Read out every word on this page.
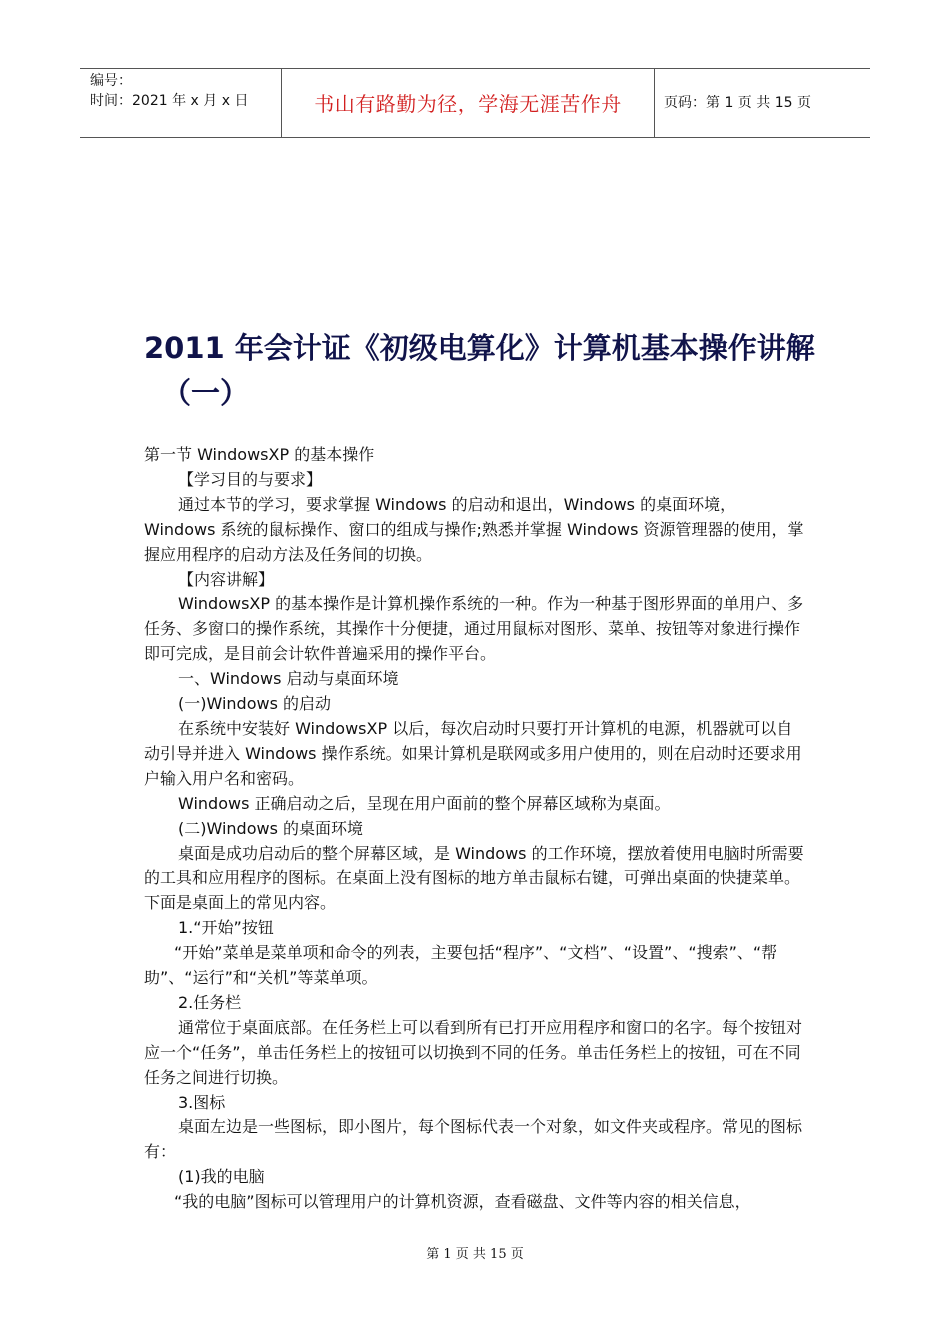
编号：
时间：2021 年 x 月 x 日	书山有路勤为径，学海无涯苦作舟	页码：第 1 页 共 15 页
2011 年会计证《初级电算化》计算机基本操作讲解
（一）

第一节 WindowsXP 的基本操作

【学习目的与要求】

通过本节的学习，要求掌握 Windows 的启动和退出，Windows 的桌面环境，Windows 系统的鼠标操作、窗口的组成与操作;熟悉并掌握 Windows 资源管理器的使用，掌握应用程序的启动方法及任务间的切换。

【内容讲解】

WindowsXP 的基本操作是计算机操作系统的一种。作为一种基于图形界面的单用户、多任务、多窗口的操作系统，其操作十分便捷，通过用鼠标对图形、菜单、按钮等对象进行操作即可完成，是目前会计软件普遍采用的操作平台。

一、Windows 启动与桌面环境

(一)Windows 的启动

在系统中安装好 WindowsXP 以后，每次启动时只要打开计算机的电源，机器就可以自动引导并进入 Windows 操作系统。如果计算机是联网或多用户使用的，则在启动时还要求用户输入用户名和密码。

Windows 正确启动之后，呈现在用户面前的整个屏幕区域称为桌面。

(二)Windows 的桌面环境

桌面是成功启动后的整个屏幕区域，是 Windows 的工作环境，摆放着使用电脑时所需要的工具和应用程序的图标。在桌面上没有图标的地方单击鼠标右键，可弹出桌面的快捷菜单。下面是桌面上的常见内容。

1.“开始”按钮

“开始”菜单是菜单项和命令的列表，主要包括“程序”、“文档”、“设置”、“搜索”、“帮助”、“运行”和“关机”等菜单项。

2.任务栏

通常位于桌面底部。在任务栏上可以看到所有已打开应用程序和窗口的名字。每个按钮对应一个“任务”，单击任务栏上的按钮可以切换到不同的任务。单击任务栏上的按钮，可在不同任务之间进行切换。

3.图标

桌面左边是一些图标，即小图片，每个图标代表一个对象，如文件夹或程序。常见的图标有：

(1)我的电脑

“我的电脑”图标可以管理用户的计算机资源，查看磁盘、文件等内容的相关信息，

第 1 页 共 15 页
